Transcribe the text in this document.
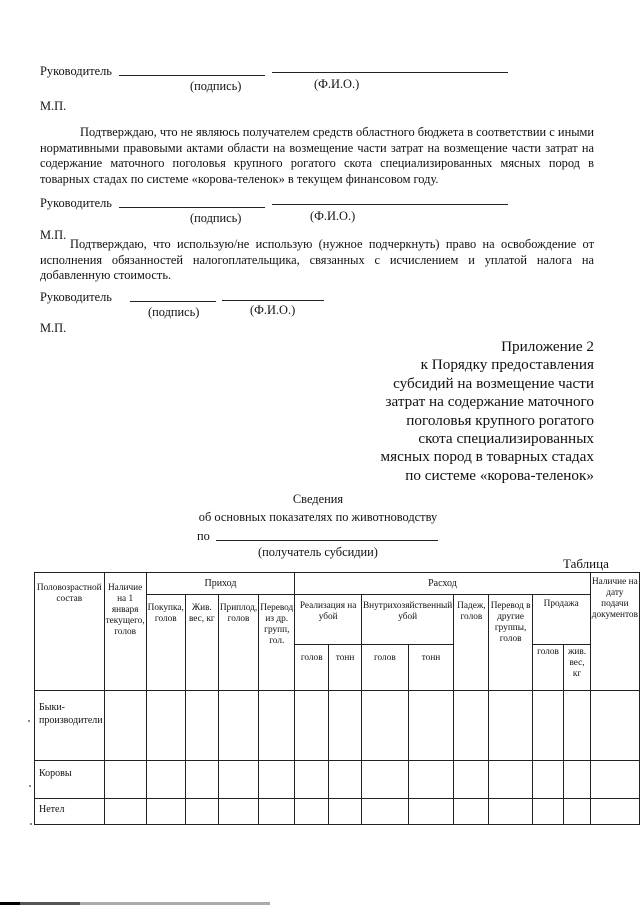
Руководитель
(подпись)	(Ф.И.О.)
М.П.
Подтверждаю, что не являюсь получателем средств областного бюджета в соответствии с иными нормативными правовыми актами области на возмещение части затрат на возмещение части затрат на содержание маточного поголовья крупного рогатого скота специализированных мясных пород в товарных стадах по системе «корова-теленок» в текущем финансовом году.
Руководитель
(подпись)	(Ф.И.О.)
М.П.
Подтверждаю, что использую/не использую (нужное подчеркнуть) право на освобождение от исполнения обязанностей налогоплательщика, связанных с исчислением и уплатой налога на добавленную стоимость.
Руководитель
(подпись)	(Ф.И.О.)
М.П.
Приложение 2
к Порядку предоставления
субсидий на возмещение части
затрат на содержание маточного
поголовья крупного рогатого
скота специализированных
мясных пород в товарных стадах
по системе «корова-теленок»
Сведения
об основных показателях по животноводству
по
(получатель субсидии)
Таблица
Половозрастной состав	Наличие на 1 января текущего, голов	Приход				Расход								Наличие на дату подачи документов
		Покупка, голов	Жив. вес, кг	Приплод, голов	Перевод из др. групп, гол.	Реализация на убой		Внутрихозяйственный убой		Падеж, голов	Перевод в другие группы, голов	Продажа		
						голов	тонн	голов	тонн			голов	жив. вес, кг	
Быки-производители														
Коровы														
Нетел														
